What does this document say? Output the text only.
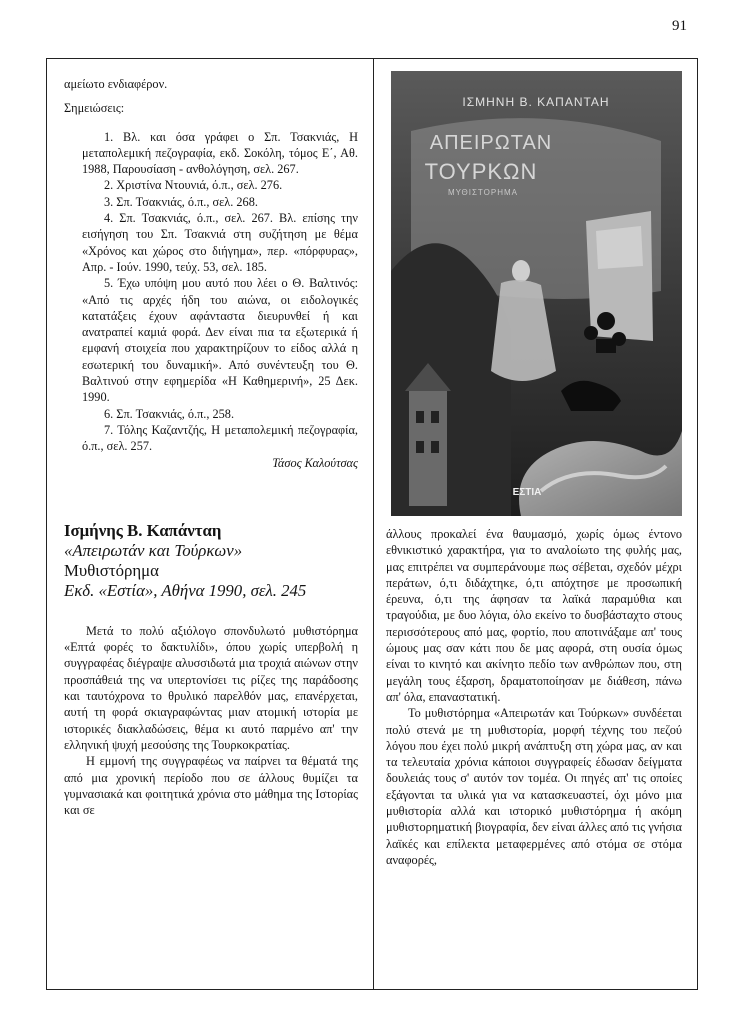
91

αμείωτο ενδιαφέρον.

Σημειώσεις:

1. Βλ. και όσα γράφει ο Σπ. Τσακνιάς, Η μεταπολεμική πεζογραφία, εκδ. Σοκόλη, τόμος Ε΄, Αθ. 1988, Παρουσίαση - ανθολόγηση, σελ. 267.

2. Χριστίνα Ντουνιά, ό.π., σελ. 276.

3. Σπ. Τσακνιάς, ό.π., σελ. 268.

4. Σπ. Τσακνιάς, ό.π., σελ. 267. Βλ. επίσης την εισήγηση του Σπ. Τσακνιά στη συζήτηση με θέμα «Χρόνος και χώρος στο διήγημα», περ. «πόρφυρας», Απρ. - Ιούν. 1990, τεύχ. 53, σελ. 185.

5. Έχω υπόψη μου αυτό που λέει ο Θ. Βαλτινός: «Από τις αρχές ήδη του αιώνα, οι ειδολογικές κατατάξεις έχουν αφάνταστα διευρυνθεί ή και ανατραπεί καμιά φορά. Δεν είναι πια τα εξωτερικά ή εμφανή στοιχεία που χαρακτηρίζουν το είδος αλλά η εσωτερική του δυναμική». Από συνέντευξη του Θ. Βαλτινού στην εφημερίδα «Η Καθημερινή», 25 Δεκ. 1990.

6. Σπ. Τσακνιάς, ό.π., 258.

7. Τόλης Καζαντζής, Η μεταπολεμική πεζογραφία, ό.π., σελ. 257.

Τάσος Καλούτσας

Ισμήνης Β. Καπάνταη
«Απειρωτάν και Τούρκων»
Μυθιστόρημα
Εκδ. «Εστία», Αθήνα 1990, σελ. 245

Μετά το πολύ αξιόλογο σπονδυλωτό μυθιστόρημα «Επτά φορές το δακτυλίδι», όπου χωρίς υπερβολή η συγγραφέας διέγραψε αλυσσιδωτά μια τροχιά αιώνων στην προσπάθειά της να υπερτονίσει τις ρίζες της παράδοσης και ταυτόχρονα το θρυλικό παρελθόν μας, επανέρχεται, αυτή τη φορά σκιαγραφώντας μιαν ατομική ιστορία με ιστορικές διακλαδώσεις, θέμα κι αυτό παρμένο απ' την ελληνική ψυχή μεσούσης της Τουρκοκρατίας.

Η εμμονή της συγγραφέως να παίρνει τα θέματά της από μια χρονική περίοδο που σε άλλους θυμίζει τα γυμνασιακά και φοιτητικά χρόνια στο μάθημα της Ιστορίας και σε

ΙΣΜΗΝΗ Β. ΚΑΠΑΝΤΑΗ
ΑΠΕΙΡΩΤΑΝ
ΤΟΥΡΚΩΝ
ΜΥΘΙΣΤΟΡΗΜΑ
ΕΣΤΙΑ

άλλους προκαλεί ένα θαυμασμό, χωρίς όμως έντονο εθνικιστικό χαρακτήρα, για το αναλοίωτο της φυλής μας, μας επιτρέπει να συμπεράνουμε πως σέβεται, σχεδόν μέχρι περάτων, ό,τι διδάχτηκε, ό,τι απόχτησε με προσωπική έρευνα, ό,τι της άφησαν τα λαϊκά παραμύθια και τραγούδια, με δυο λόγια, όλο εκείνο το δυσβάσταχτο στους περισσότερους από μας, φορτίο, που αποτινάξαμε απ' τους ώμους μας σαν κάτι που δε μας αφορά, στη ουσία όμως είναι το κινητό και ακίνητο πεδίο των ανθρώπων που, στη μεγάλη τους έξαρση, δραματοποίησαν με διάθεση, πάνω απ' όλα, επαναστατική.

Το μυθιστόρημα «Απειρωτάν και Τούρκων» συνδέεται πολύ στενά με τη μυθιστορία, μορφή τέχνης του πεζού λόγου που έχει πολύ μικρή ανάπτυξη στη χώρα μας, αν και τα τελευταία χρόνια κάποιοι συγγραφείς έδωσαν δείγματα δουλειάς τους σ' αυτόν τον τομέα. Οι πηγές απ' τις οποίες εξάγονται τα υλικά για να κατασκευαστεί, όχι μόνο μια μυθιστορία αλλά και ιστορικό μυθιστόρημα ή ακόμη μυθιστορηματική βιογραφία, δεν είναι άλλες από τις γνήσια λαϊκές και επίλεκτα μεταφερμένες από στόμα σε στόμα αναφορές,
